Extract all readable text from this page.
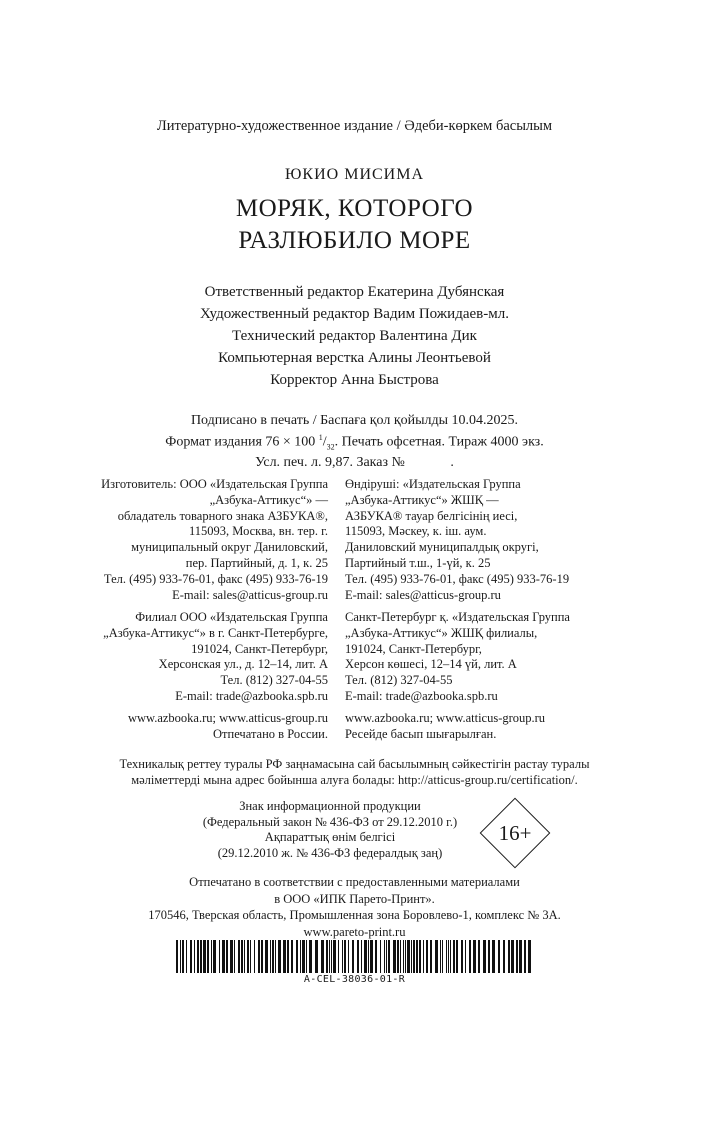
Литературно-художественное издание / Әдеби-көркем басылым
ЮКИО МИСИМА
МОРЯК, КОТОРОГО
РАЗЛЮБИЛО МОРЕ
Ответственный редактор Екатерина Дубянская
Художественный редактор Вадим Пожидаев-мл.
Технический редактор Валентина Дик
Компьютерная верстка Алины Леонтьевой
Корректор Анна Быстрова
Подписано в печать / Баспаға қол қойылды 10.04.2025.
Формат издания 76 × 100 $^1/_{32}$. Печать офсетная. Тираж 4000 экз.
Усл. печ. л. 9,87. Заказ №             .
Изготовитель: ООО «Издательская Группа
„Азбука-Аттикус“» —
обладатель товарного знака АЗБУКА®,
115093, Москва, вн. тер. г.
муниципальный округ Даниловский,
пер. Партийный, д. 1, к. 25
Тел. (495) 933-76-01, факс (495) 933-76-19
E-mail: sales@atticus-group.ru
Өндіруші: «Издательская Группа
„Азбука-Аттикус“» ЖШҚ —
АЗБУКА® тауар белгісінің иесі,
115093, Мәскеу, к. іш. аум.
Даниловский муниципалдық округі,
Партийный т.ш., 1-үй, к. 25
Тел. (495) 933-76-01, факс (495) 933-76-19
E-mail: sales@atticus-group.ru
Филиал ООО «Издательская Группа
„Азбука-Аттикус“» в г. Санкт-Петербурге,
191024, Санкт-Петербург,
Херсонская ул., д. 12–14, лит. А
Тел. (812) 327-04-55
E-mail: trade@azbooka.spb.ru
Санкт-Петербург қ. «Издательская Группа
„Азбука-Аттикус“» ЖШҚ филиалы,
191024, Санкт-Петербург,
Херсон көшесі, 12–14 үй, лит. А
Тел. (812) 327-04-55
E-mail: trade@azbooka.spb.ru
www.azbooka.ru; www.atticus-group.ru
Отпечатано в России.
www.azbooka.ru; www.atticus-group.ru
Ресейде басып шығарылған.
Техникалық реттеу туралы РФ заңнамасына сай басылымның сәйкестігін растау туралы
мәліметтерді мына адрес бойынша алуға болады: http://atticus-group.ru/certification/.
Знак информационной продукции
(Федеральный закон № 436-ФЗ от 29.12.2010 г.)
Ақпараттық өнім белгісі
(29.12.2010 ж. № 436-ФЗ федералдық заң)
16+
Отпечатано в соответствии с предоставленными материалами
в ООО «ИПК Парето-Принт».
170546, Тверская область, Промышленная зона Боровлево-1, комплекс № 3А.
www.pareto-print.ru
A-CEL-38036-01-R
